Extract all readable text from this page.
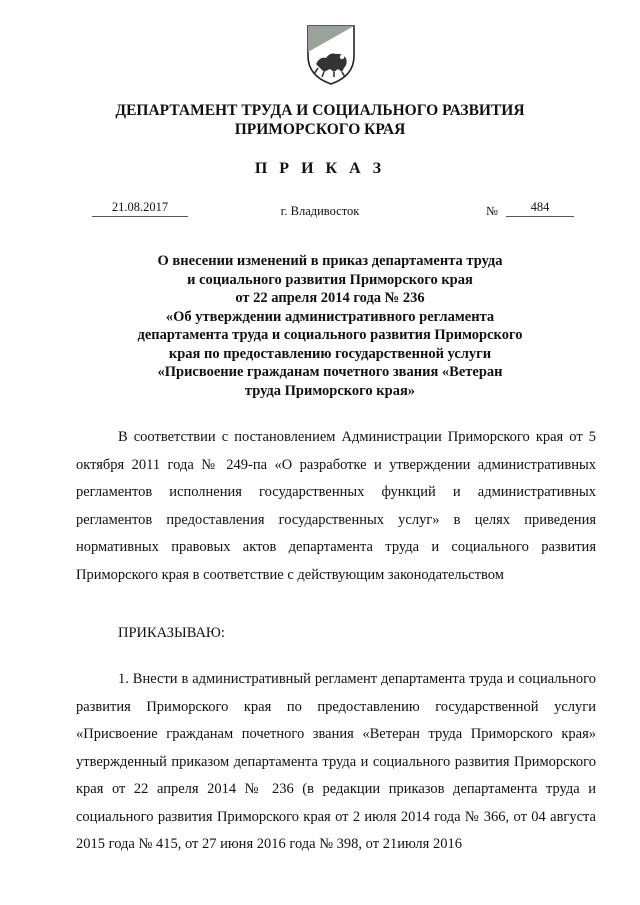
ДЕПАРТАМЕНТ ТРУДА И СОЦИАЛЬНОГО РАЗВИТИЯ ПРИМОРСКОГО КРАЯ
П Р И К А З
21.08.2017	г. Владивосток	№	484
О внесении изменений в приказ департамента труда
и социального развития Приморского края
от 22 апреля 2014 года № 236
«Об утверждении административного регламента
департамента труда и социального развития Приморского
края по предоставлению государственной услуги
«Присвоение гражданам почетного звания «Ветеран
труда Приморского края»
В соответствии с постановлением Администрации Приморского края от 5 октября 2011 года № 249-па «О разработке и утверждении административных регламентов исполнения государственных функций и административных регламентов предоставления государственных услуг» в целях приведения нормативных правовых актов департамента труда и социального развития Приморского края в соответствие с действующим законодательством
ПРИКАЗЫВАЮ:
1. Внести в административный регламент департамента труда и социального развития Приморского края по предоставлению государственной услуги «Присвоение гражданам почетного звания «Ветеран труда Приморского края» утвержденный приказом департамента труда и социального развития Приморского края от 22 апреля 2014 № 236 (в редакции приказов департамента труда и социального развития Приморского края от 2 июля 2014 года № 366, от 04 августа 2015 года № 415, от 27 июня 2016 года № 398, от 21июля 2016
